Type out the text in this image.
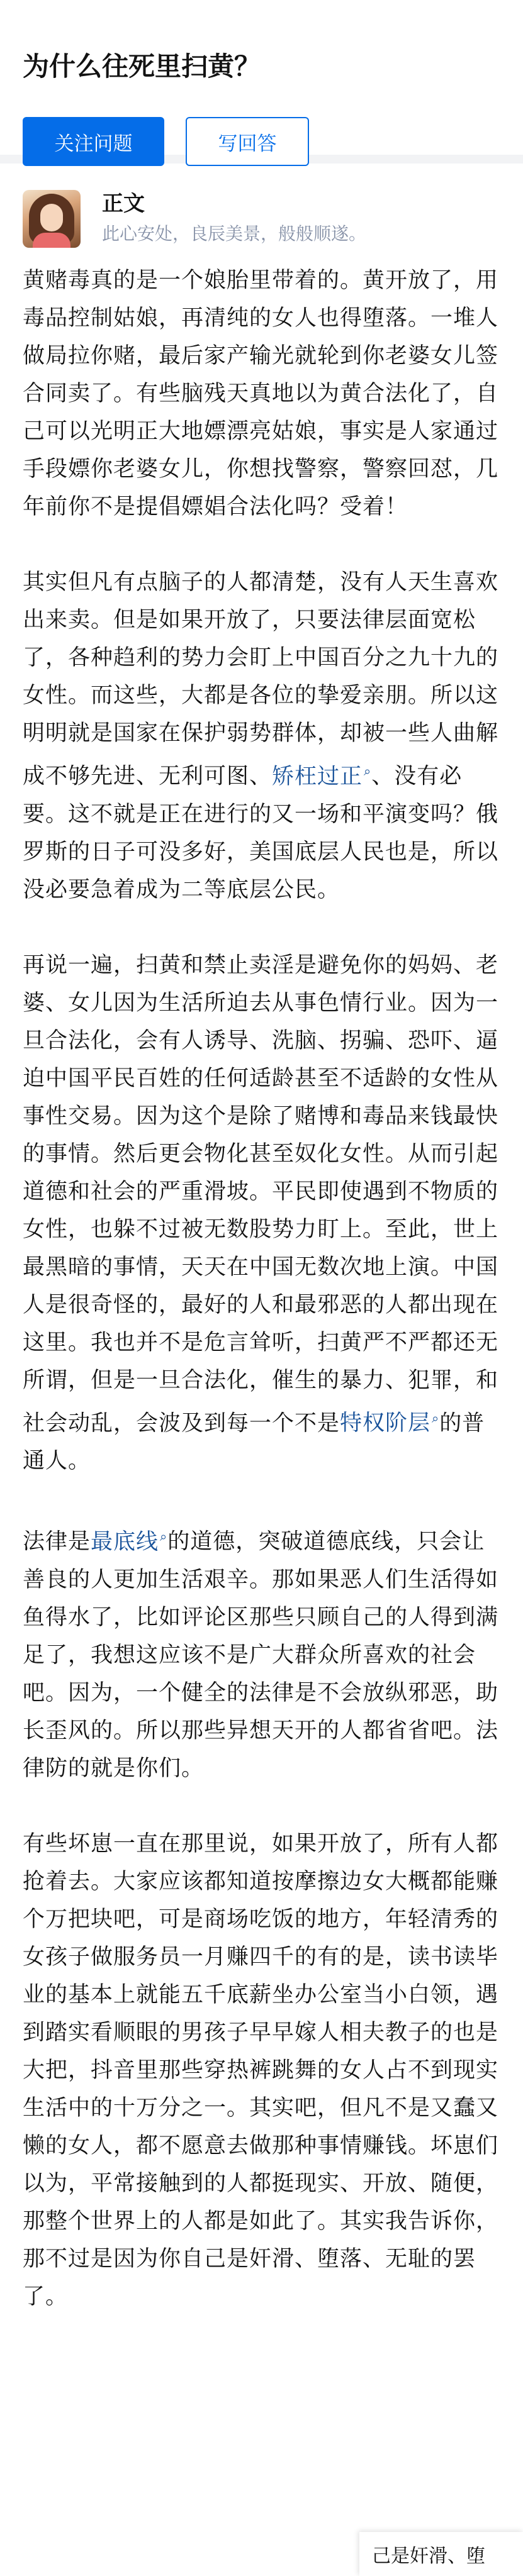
为什么往死里扫黄？
关注问题	写回答
正文
此心安处，良辰美景，般般顺遂。

黄赌毒真的是一个娘胎里带着的。黄开放了，用毒品控制姑娘，再清纯的女人也得堕落。一堆人做局拉你赌，最后家产输光就轮到你老婆女儿签合同卖了。有些脑残天真地以为黄合法化了，自己可以光明正大地嫖漂亮姑娘，事实是人家通过手段嫖你老婆女儿，你想找警察，警察回怼，几年前你不是提倡嫖娼合法化吗？受着！

其实但凡有点脑子的人都清楚，没有人天生喜欢出来卖。但是如果开放了，只要法律层面宽松了，各种趋利的势力会盯上中国百分之九十九的女性。而这些，大都是各位的挚爱亲朋。所以这明明就是国家在保护弱势群体，却被一些人曲解成不够先进、无利可图、矫枉过正 ⌕、没有必要。这不就是正在进行的又一场和平演变吗？俄罗斯的日子可没多好，美国底层人民也是，所以没必要急着成为二等底层公民。

再说一遍，扫黄和禁止卖淫是避免你的妈妈、老婆、女儿因为生活所迫去从事色情行业。因为一旦合法化，会有人诱导、洗脑、拐骗、恐吓、逼迫中国平民百姓的任何适龄甚至不适龄的女性从事性交易。因为这个是除了赌博和毒品来钱最快的事情。然后更会物化甚至奴化女性。从而引起道德和社会的严重滑坡。平民即使遇到不物质的女性，也躲不过被无数股势力盯上。至此，世上最黑暗的事情，天天在中国无数次地上演。中国人是很奇怪的，最好的人和最邪恶的人都出现在这里。我也并不是危言耸听，扫黄严不严都还无所谓，但是一旦合法化，催生的暴力、犯罪，和社会动乱，会波及到每一个不是特权阶层 ⌕的普通人。

法律是最底线 ⌕的道德，突破道德底线，只会让善良的人更加生活艰辛。那如果恶人们生活得如鱼得水了，比如评论区那些只顾自己的人得到满足了，我想这应该不是广大群众所喜欢的社会吧。因为，一个健全的法律是不会放纵邪恶，助长歪风的。所以那些异想天开的人都省省吧。法律防的就是你们。

有些坏崽一直在那里说，如果开放了，所有人都抢着去。大家应该都知道按摩擦边女大概都能赚个万把块吧，可是商场吃饭的地方，年轻清秀的女孩子做服务员一月赚四千的有的是，读书读毕业的基本上就能五千底薪坐办公室当小白领，遇到踏实看顺眼的男孩子早早嫁人相夫教子的也是大把，抖音里那些穿热裤跳舞的女人占不到现实生活中的十万分之一。其实吧，但凡不是又蠢又懒的女人，都不愿意去做那种事情赚钱。坏崽们以为，平常接触到的人都挺现实、开放、随便，那整个世界上的人都是如此了。其实我告诉你，那不过是因为你自己是奸滑、堕落、无耻的罢了。

己是奸滑、堕
